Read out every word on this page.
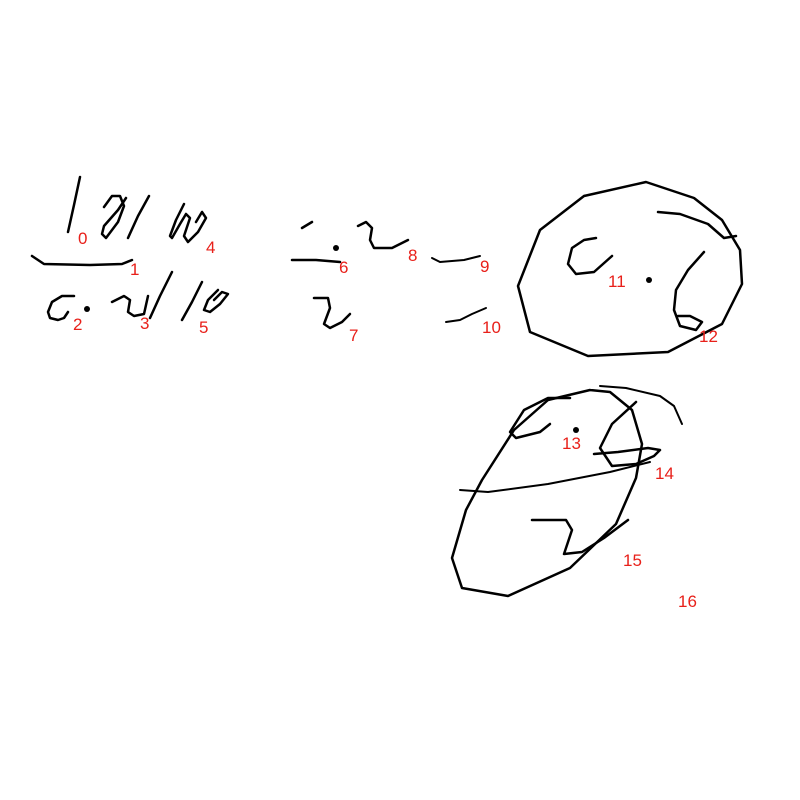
0
1
2	3
4
5
6
7
8
9
10
11
12
13
14
15
16
